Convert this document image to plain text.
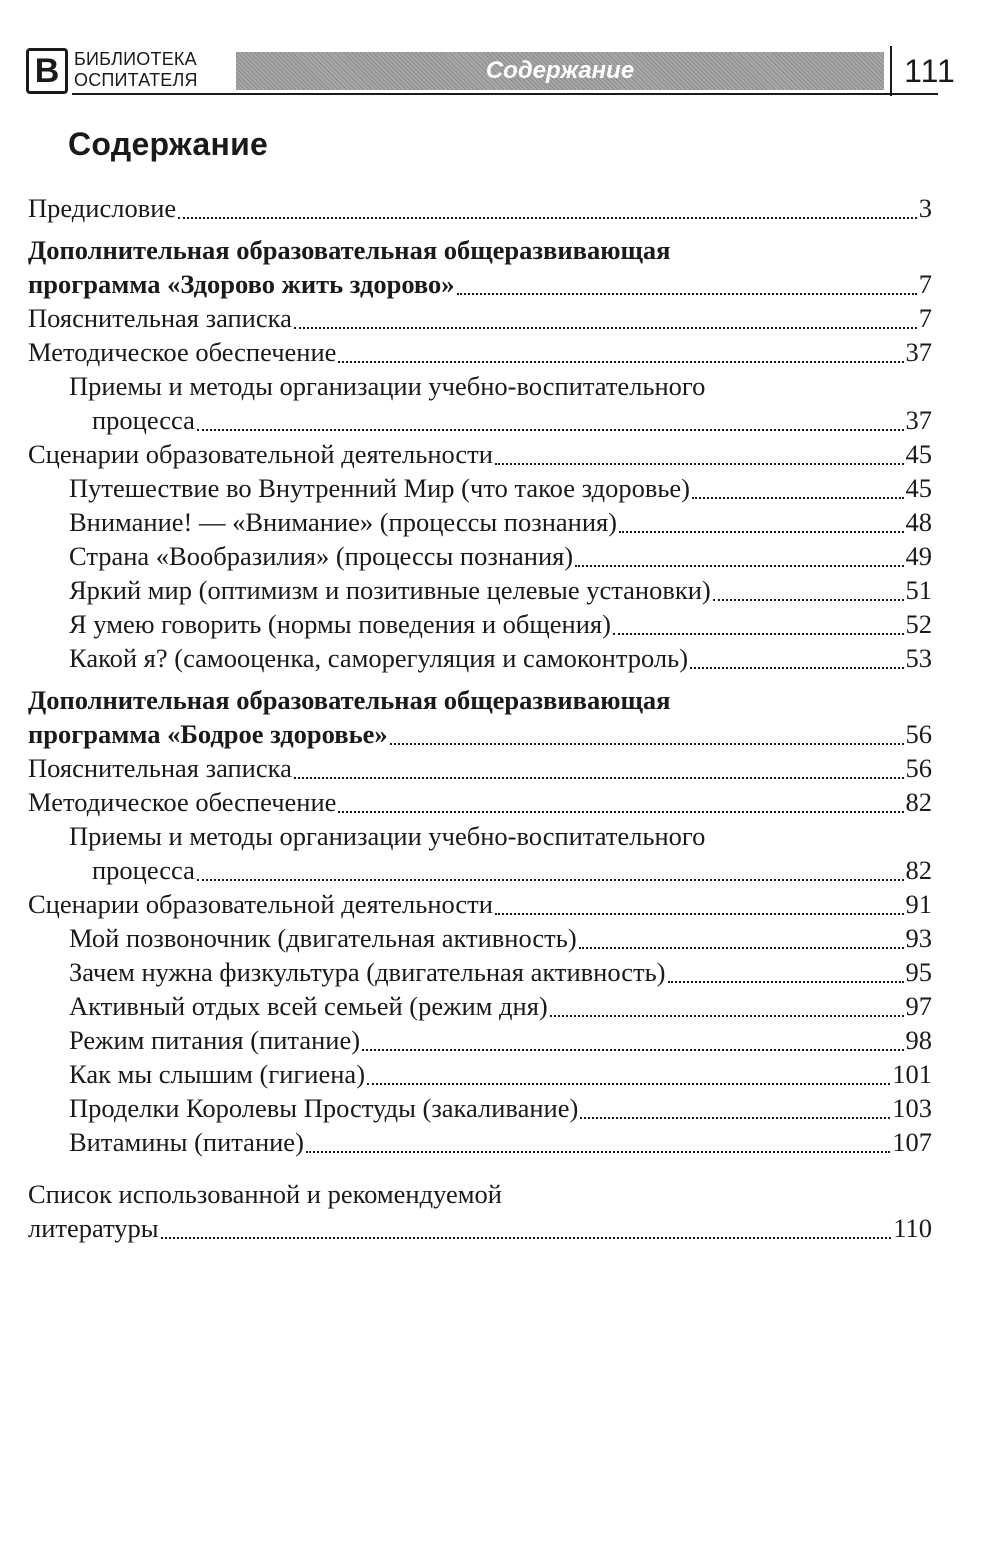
В БИБЛИОТЕКА
ОСПИТАТЕЛЯ	Содержание	111
Содержание
Предисловие	3
Дополнительная образовательная общеразвивающая
программа «Здорово жить здорово»	7
Пояснительная записка	7
Методическое обеспечение	37
Приемы и методы организации учебно-воспитательного
процесса	37
Сценарии образовательной деятельности	45
Путешествие во Внутренний Мир (что такое здоровье)	45
Внимание! — «Внимание» (процессы познания)	48
Страна «Вообразилия» (процессы познания)	49
Яркий мир (оптимизм и позитивные целевые установки)	51
Я умею говорить (нормы поведения и общения)	52
Какой я? (самооценка, саморегуляция и самоконтроль)	53
Дополнительная образовательная общеразвивающая
программа «Бодрое здоровье»	56
Пояснительная записка	56
Методическое обеспечение	82
Приемы и методы организации учебно-воспитательного
процесса	82
Сценарии образовательной деятельности	91
Мой позвоночник (двигательная активность)	93
Зачем нужна физкультура (двигательная активность)	95
Активный отдых всей семьей (режим дня)	97
Режим питания (питание)	98
Как мы слышим (гигиена)	101
Проделки Королевы Простуды (закаливание)	103
Витамины (питание)	107
Список использованной и рекомендуемой
литературы	110
